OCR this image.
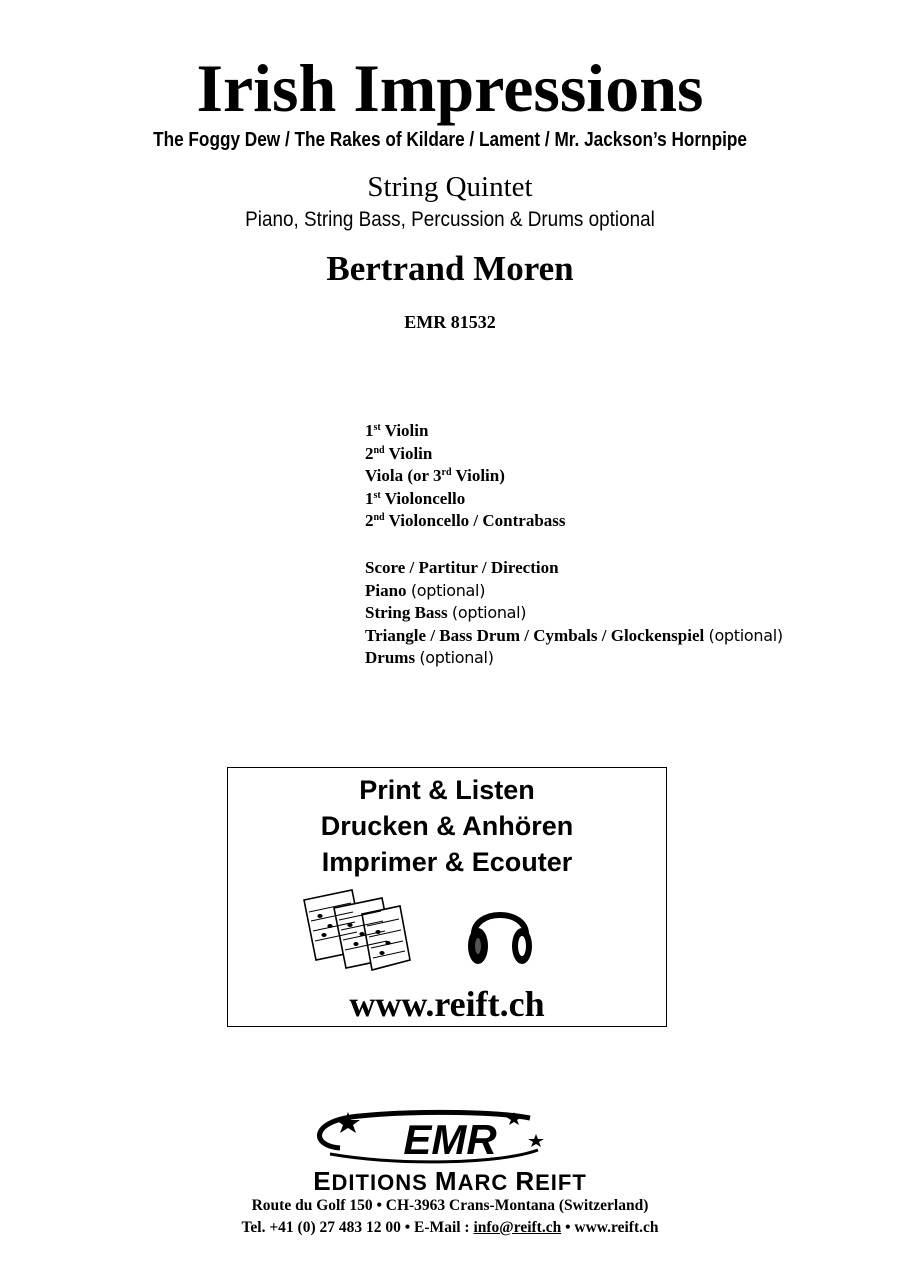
Irish Impressions
The Foggy Dew / The Rakes of Kildare / Lament / Mr. Jackson’s Hornpipe
String Quintet
Piano, String Bass, Percussion & Drums optional
Bertrand Moren
EMR 81532
1st Violin
2nd Violin
Viola (or 3rd Violin)
1st Violoncello
2nd Violoncello / Contrabass
Score / Partitur / Direction
Piano (optional)
String Bass (optional)
Triangle / Bass Drum / Cymbals / Glockenspiel (optional)
Drums (optional)
Print & Listen
Drucken & Anhören
Imprimer & Ecouter
www.reift.ch
EMR
EDITIONS MARC REIFT
Route du Golf 150 • CH-3963 Crans-Montana (Switzerland)
Tel. +41 (0) 27 483 12 00 • E-Mail : info@reift.ch • www.reift.ch
